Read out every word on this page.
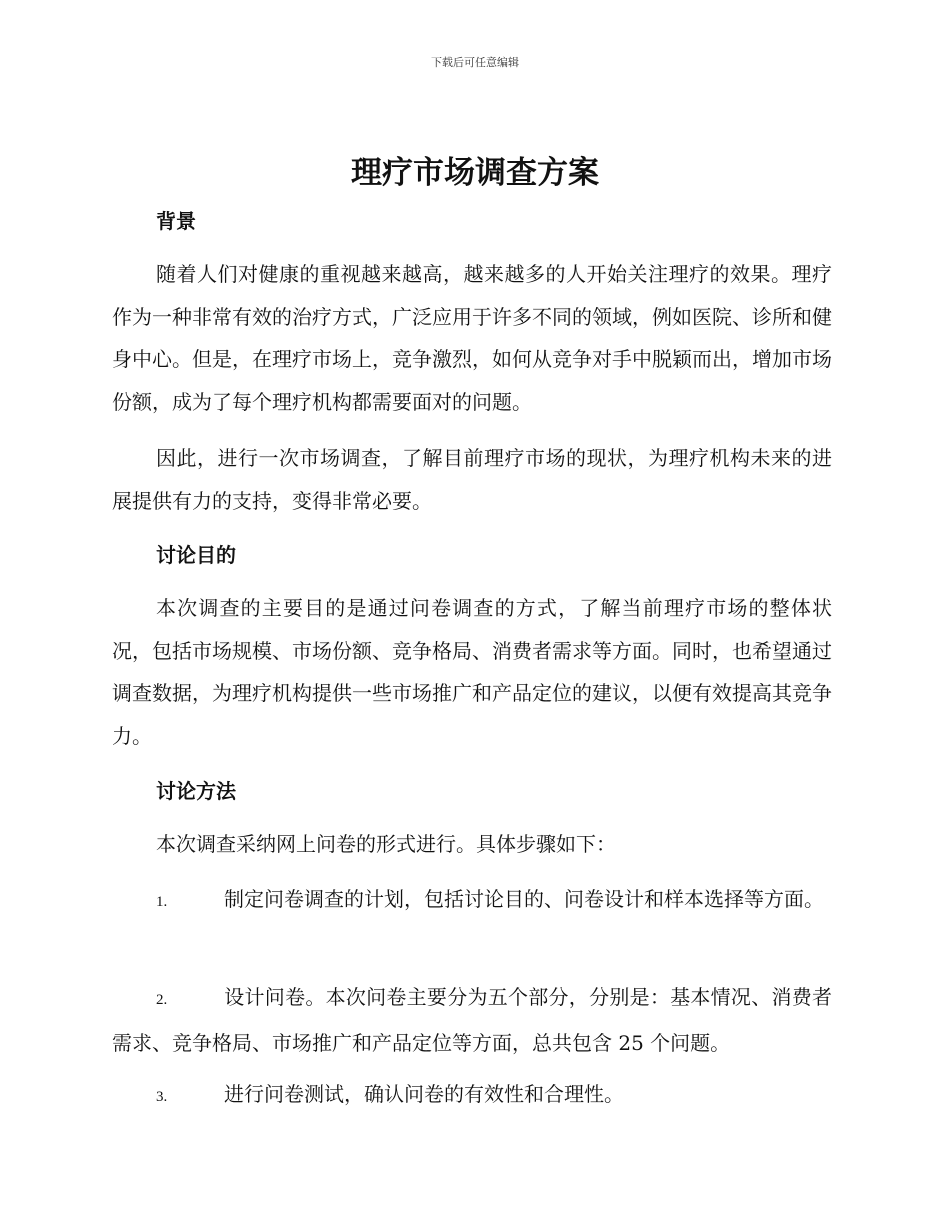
下载后可任意编辑
理疗市场调查方案
背景
随着人们对健康的重视越来越高，越来越多的人开始关注理疗的效果。理疗作为一种非常有效的治疗方式，广泛应用于许多不同的领域，例如医院、诊所和健身中心。但是，在理疗市场上，竞争激烈，如何从竞争对手中脱颖而出，增加市场份额，成为了每个理疗机构都需要面对的问题。
因此，进行一次市场调查，了解目前理疗市场的现状，为理疗机构未来的进展提供有力的支持，变得非常必要。
讨论目的
本次调查的主要目的是通过问卷调查的方式，了解当前理疗市场的整体状况，包括市场规模、市场份额、竞争格局、消费者需求等方面。同时，也希望通过调查数据，为理疗机构提供一些市场推广和产品定位的建议，以便有效提高其竞争力。
讨论方法
本次调查采纳网上问卷的形式进行。具体步骤如下：
1.	制定问卷调查的计划，包括讨论目的、问卷设计和样本选择等方面。
2.	设计问卷。本次问卷主要分为五个部分，分别是：基本情况、消费者需求、竞争格局、市场推广和产品定位等方面，总共包含 25 个问题。
3.	进行问卷测试，确认问卷的有效性和合理性。
